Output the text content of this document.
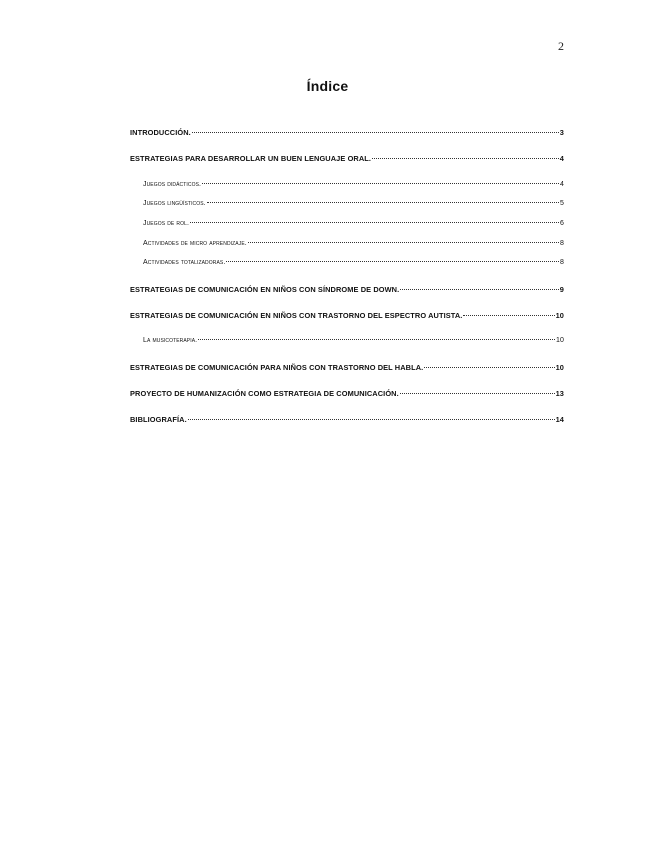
2
Índice
INTRODUCCIÓN.	3
ESTRATEGIAS PARA DESARROLLAR UN BUEN LENGUAJE ORAL.	4
Juegos didácticos.	4
Juegos lingüísticos.	5
Juegos de rol.	6
Actividades de micro aprendizaje.	8
Actividades totalizadoras.	8
ESTRATEGIAS DE COMUNICACIÓN EN NIÑOS CON SÍNDROME DE DOWN.	9
ESTRATEGIAS DE COMUNICACIÓN EN NIÑOS CON TRASTORNO DEL ESPECTRO AUTISTA.	10
La musicoterapia.	10
ESTRATEGIAS DE COMUNICACIÓN PARA NIÑOS CON TRASTORNO DEL HABLA.	10
PROYECTO DE HUMANIZACIÓN COMO ESTRATEGIA DE COMUNICACIÓN.	13
BIBLIOGRAFÍA.	14
